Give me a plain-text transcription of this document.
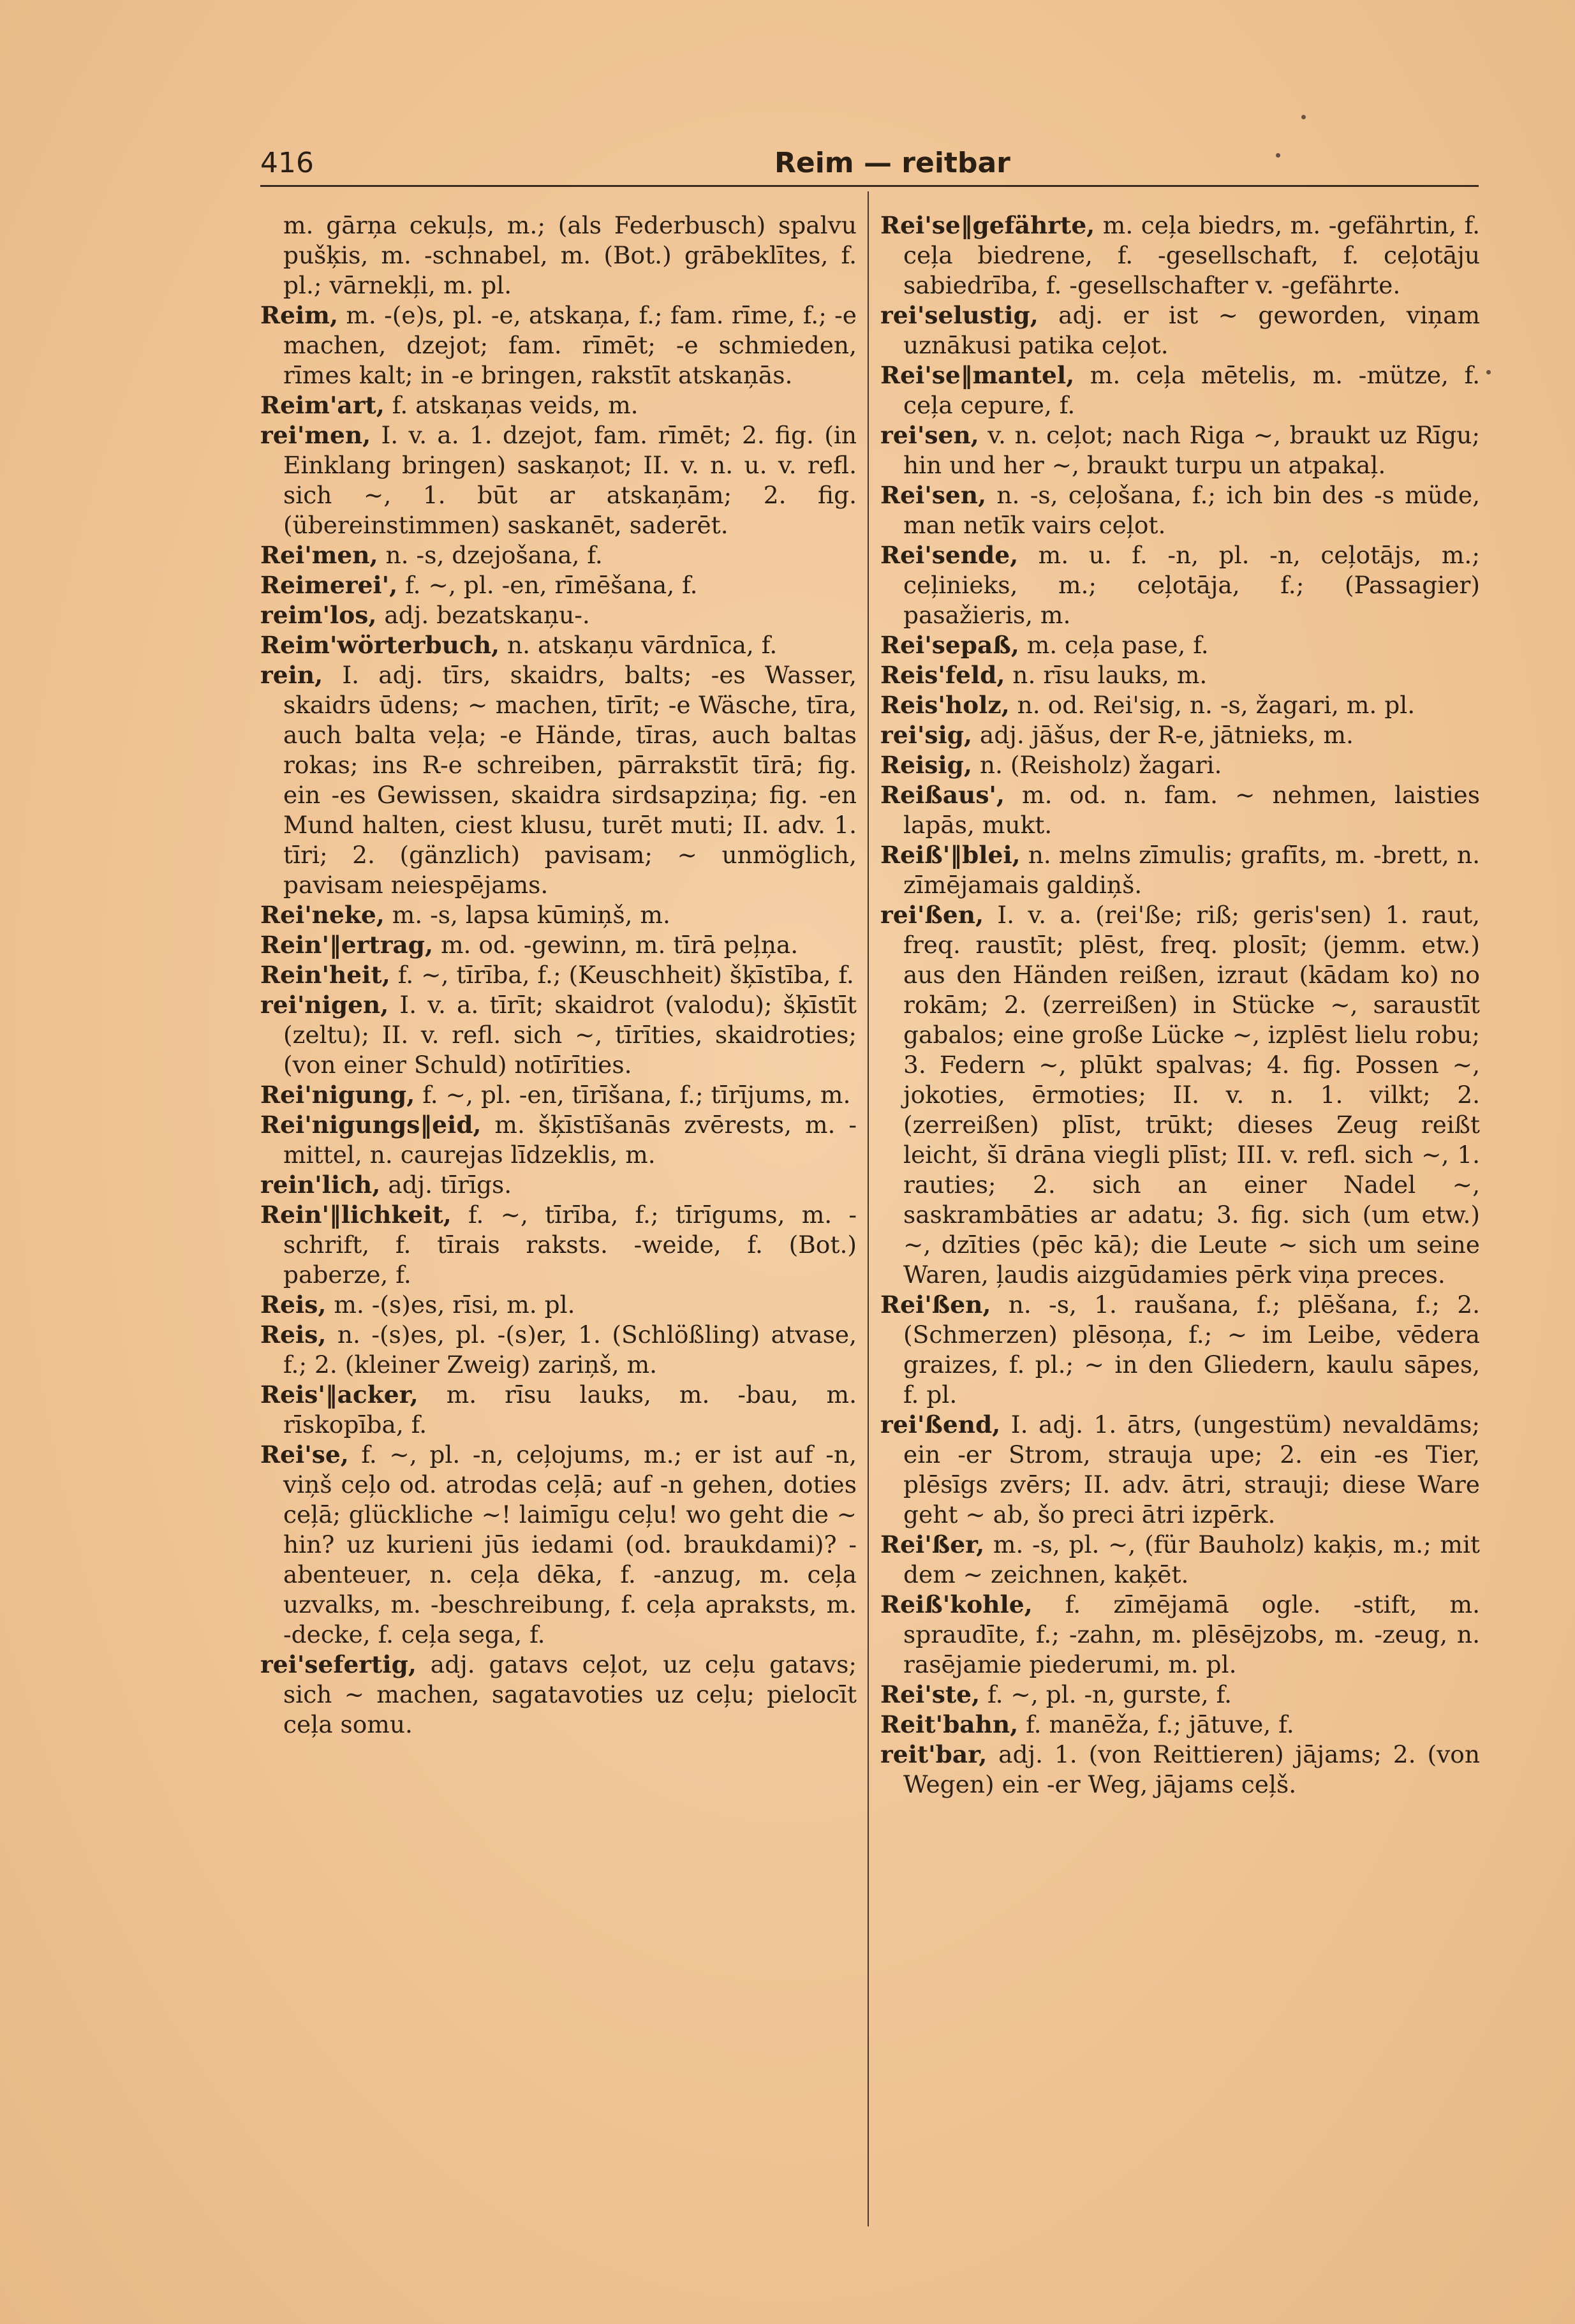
416	Reim — reitbar

m. gārņa cekuļs, m.; (als Federbusch) spalvu pušķis, m. -schnabel, m. (Bot.) grābeklītes, f. pl.; vārnekļi, m. pl.

Reim, m. -(e)s, pl. -e, atskaņa, f.; fam. rīme, f.; -e machen, dzejot; fam. rīmēt; -e schmieden, rīmes kalt; in -e bringen, rakstīt atskaņās.

Reim'art, f. atskaņas veids, m.

rei'men, I. v. a. 1. dzejot, fam. rīmēt; 2. fig. (in Einklang bringen) saskaņot; II. v. n. u. v. refl. sich ~, 1. būt ar atskaņām; 2. fig. (übereinstimmen) saskanēt, saderēt.

Rei'men, n. -s, dzejošana, f.

Reimerei', f. ~, pl. -en, rīmēšana, f.

reim'los, adj. bezatskaņu-.

Reim'wörterbuch, n. atskaņu vārdnīca, f.

rein, I. adj. tīrs, skaidrs, balts; -es Wasser, skaidrs ūdens; ~ machen, tīrīt; -e Wäsche, tīra, auch balta veļa; -e Hände, tīras, auch baltas rokas; ins R-e schreiben, pārrakstīt tīrā; fig. ein -es Gewissen, skaidra sirdsapziņa; fig. -en Mund halten, ciest klusu, turēt muti; II. adv. 1. tīri; 2. (gänzlich) pavisam; ~ unmöglich, pavisam neiespējams.

Rei'neke, m. -s, lapsa kūmiņš, m.

Rein'‖ertrag, m. od. -gewinn, m. tīrā peļņa.

Rein'heit, f. ~, tīrība, f.; (Keuschheit) šķīstība, f.

rei'nigen, I. v. a. tīrīt; skaidrot (valodu); šķīstīt (zeltu); II. v. refl. sich ~, tīrīties, skaidroties; (von einer Schuld) notīrīties.

Rei'nigung, f. ~, pl. -en, tīrīšana, f.; tīrījums, m.

Rei'nigungs‖eid, m. šķīstīšanās zvērests, m. -mittel, n. caurejas līdzeklis, m.

rein'lich, adj. tīrīgs.

Rein'‖lichkeit, f. ~, tīrība, f.; tīrīgums, m. -schrift, f. tīrais raksts. -weide, f. (Bot.) paberze, f.

Reis, m. -(s)es, rīsi, m. pl.

Reis, n. -(s)es, pl. -(s)er, 1. (Schlößling) atvase, f.; 2. (kleiner Zweig) zariņš, m.

Reis'‖acker, m. rīsu lauks, m. -bau, m. rīskopība, f.

Rei'se, f. ~, pl. -n, ceļojums, m.; er ist auf -n, viņš ceļo od. atrodas ceļā; auf -n gehen, doties ceļā; glückliche ~! laimīgu ceļu! wo geht die ~ hin? uz kurieni jūs iedami (od. braukdami)? -abenteuer, n. ceļa dēka, f. -anzug, m. ceļa uzvalks, m. -beschreibung, f. ceļa apraksts, m. -decke, f. ceļa sega, f.

rei'sefertig, adj. gatavs ceļot, uz ceļu gatavs; sich ~ machen, sagatavoties uz ceļu; pielocīt ceļa somu.

Rei'se‖gefährte, m. ceļa biedrs, m. -gefährtin, f. ceļa biedrene, f. -gesellschaft, f. ceļotāju sabiedrība, f. -gesellschafter v. -gefährte.

rei'selustig, adj. er ist ~ geworden, viņam uznākusi patika ceļot.

Rei'se‖mantel, m. ceļa mētelis, m. -mütze, f. ceļa cepure, f.

rei'sen, v. n. ceļot; nach Riga ~, braukt uz Rīgu; hin und her ~, braukt turpu un atpakaļ.

Rei'sen, n. -s, ceļošana, f.; ich bin des -s müde, man netīk vairs ceļot.

Rei'sende, m. u. f. -n, pl. -n, ceļotājs, m.; ceļinieks, m.; ceļotāja, f.; (Passagier) pasažieris, m.

Rei'sepaß, m. ceļa pase, f.

Reis'feld, n. rīsu lauks, m.

Reis'holz, n. od. Rei'sig, n. -s, žagari, m. pl.

rei'sig, adj. jāšus, der R-e, jātnieks, m.

Reisig, n. (Reisholz) žagari.

Reißaus', m. od. n. fam. ~ nehmen, laisties lapās, mukt.

Reiß'‖blei, n. melns zīmulis; grafīts, m. -brett, n. zīmējamais galdiņš.

rei'ßen, I. v. a. (rei'ße; riß; geris'sen) 1. raut, freq. raustīt; plēst, freq. plosīt; (jemm. etw.) aus den Händen reißen, izraut (kādam ko) no rokām; 2. (zerreißen) in Stücke ~, saraustīt gabalos; eine große Lücke ~, izplēst lielu robu; 3. Federn ~, plūkt spalvas; 4. fig. Possen ~, jokoties, ērmoties; II. v. n. 1. vilkt; 2. (zerreißen) plīst, trūkt; dieses Zeug reißt leicht, šī drāna viegli plīst; III. v. refl. sich ~, 1. rauties; 2. sich an einer Nadel ~, saskrambāties ar adatu; 3. fig. sich (um etw.) ~, dzīties (pēc kā); die Leute ~ sich um seine Waren, ļaudis aizgūdamies pērk viņa preces.

Rei'ßen, n. -s, 1. raušana, f.; plēšana, f.; 2. (Schmerzen) plēsoņa, f.; ~ im Leibe, vēdera graizes, f. pl.; ~ in den Gliedern, kaulu sāpes, f. pl.

rei'ßend, I. adj. 1. ātrs, (ungestüm) nevaldāms; ein -er Strom, strauja upe; 2. ein -es Tier, plēsīgs zvērs; II. adv. ātri, strauji; diese Ware geht ~ ab, šo preci ātri izpērk.

Rei'ßer, m. -s, pl. ~, (für Bauholz) kaķis, m.; mit dem ~ zeichnen, kaķēt.

Reiß'kohle, f. zīmējamā ogle. -stift, m. spraudīte, f.; -zahn, m. plēsējzobs, m. -zeug, n. rasējamie piederumi, m. pl.

Rei'ste, f. ~, pl. -n, gurste, f.

Reit'bahn, f. manēža, f.; jātuve, f.

reit'bar, adj. 1. (von Reittieren) jājams; 2. (von Wegen) ein -er Weg, jājams ceļš.
